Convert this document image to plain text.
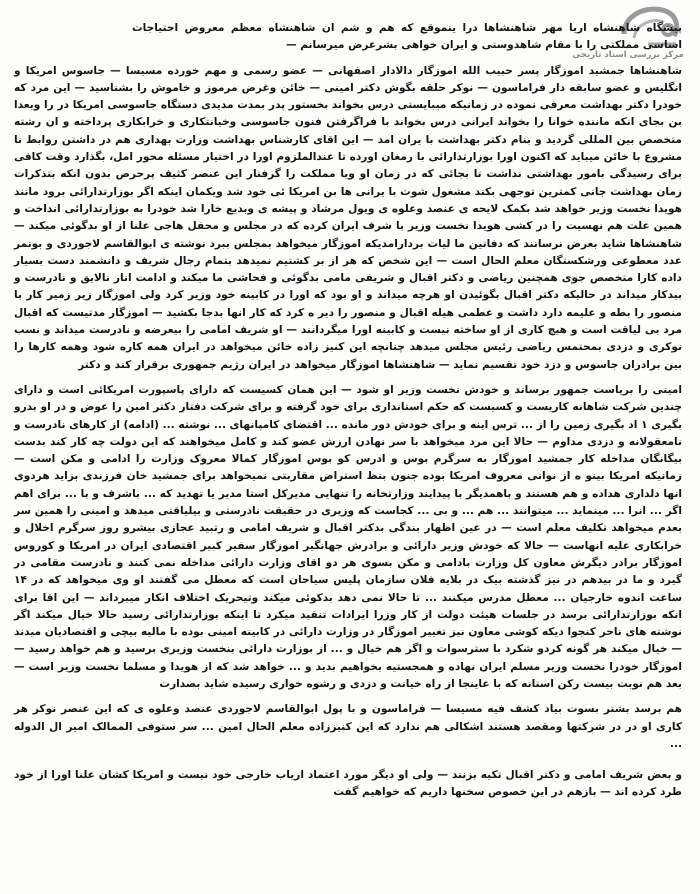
مرکز بررسی اسناد تاریخی

پیشگاه شاهنشاه اریا مهر شاهنشاها درا ینموقع که هم و شم ان شاهنشاه معظم معروض احتیاجات اساسی مملکتی را با مقام شاهدوستی و ایران خواهی بشرعرض میرسانم —

شاهنشاها جمشید اموزگار پسر حبیب الله اموزگار دالادار اصفهانی — عضو رسمی و مهم خورده مسیسا — جاسوس امریکا و انگلیس و عضو سابقه دار فراماسون — نوکر حلقه بگوش دکتر امینی — خائن وغرض مرموز و خاموش را بشناسید — این مرد که خودرا دکتر بهداشت معرفی نموده در زمانیکه میبایستی درس بخواند بخستور پدر بمدت مدیدی دستگاه جاسوسی امریکا در را وبعدا بن بجای انکه ماننده خوانا را بخواند ایرانی درس بخواند با فراگرفتن فنون جاسوسی وخیانتکاری و خرابکاری پرداخته و ان رشته متخصص بین المللی گردید و بنام دکتر بهداشت با یران امد — این اقای کارشناس بهداشت وزارت بهداری هم در داشتن روابط نا مشروع با خائن میباید که اکنون اورا بوزارتدارائی با رمغان اورده تا عندالملزوم اورا در اختیار مسئله محور امل، بگذارد وقت کافی برای رسیدگی بامور بهداشتی نداشت تا بجائی که در زمان او ویا مملکت را گرفتار این عنصر کثیف پرحرص بدون انکه بتذکرات زمان بهداشت جانی کمترین توجهی بکند مشغول شوت با یرانی ها بن امریکا ئی خود شد ویکمان اینکه اگر بوزارتدارائی برود مانند هویدا نخست وزیر خواهد شد بکمک لایحه ی عنصد وعلوه ی ویول مرشاد و پیشه ی وبدیع خارا شد خودرا به بوزارتدارائی انداخت و همین علت هم نهسیت را در کشی هویدا نخست وزیر با شرف ایران کرده که در مجلس و محفل هاجی علنا از او بدگوئی میکند — شاهنشاها شاید بعرض نرسانند که دفاتین ما لیات بردارامدیکه اموزگار میخواهد بمجلس ببرد نوشته ی ابوالقاسم لاجوردی و بونمر عدد معطوعی ورشکستگان معلم الحال است — این شخص که هر از بر کشتیم نمیدهد بتمام رجال شریف و دانشمند دست بسیار داده کارا متخصص جوی همچنین ریاضی و دکتر اقبال و شریفی مامی بدگوئی و فحاشی ما میکند و ادامت انار نالایق و نادرست و بیدکار میداند در حالیکه دکتر اقبال بگوئیدن او هرچه میداند و او بود که اورا در کابینه خود وزیر کرد ولی اموزگار زیر زمیر کار با منصور را بطه و علیمه دارد داشت و عطمی هیله اقبال و منصور را دیر ه کرد که کار انها بدجا بکشید — اموزگار مدتیست که اقبال مرد بی لیاقت است و هیچ کاری از او ساخته نیست و کابینه اورا میگردانند — او شریف امامی را بیعرضه و نادرست میداند و نسب نوکری و دزدی بمحتمس ریاضی رئیس مجلس میدهد چنانچه این کنیز زاده خائن میخواهد در ایران همه کاره شود وهمه کارها را بین برادران جاسوس و دزد خود تقسیم نماید — شاهنشاها اموزگار میخواهد در ایران رژیم جمهوری برقرار کند و دکتر

امینی را بریاست جمهور برساند و خودش نخست وزیر او شود — این همان کسیست که دارای پاسپورت امریکائی است و دارای چندین شرکت شاهانه کاریست و کسیست که حکم استانداری برای خود گرفته و برای شرکت دفتار دکتر امین را عوض و در او بدرو بگیری ۱ اد بگیری زمین را از ... ترس اینه و برای خودش دور مانده ... اقتضای کامپانهای ... نوشته ... (ادامه) از کارهای نادرست و نامعقولانه و دزدی مداوم — حالا این مرد میخواهد با سر نهادن ارزش عضو کند و کامل میخواهند که این دولت چه کار کند بدست بیگانگان مداخله کار جمشید اموزگار به سرگرم بوس و ادرس کو بوس اموزگار کمالا معروک وزارت را ادامی و مکن است — زمانیکه امریکا بینو ه از نوانی معروف امریکا بوده جنون بنظ استراض مقاربتی نمیخواهد برای جمشید خان فرزندی بزاید هردوی انها دلداری هداده و هم هستند و باهمدیگر با پیدایند وزارتخانه را تنهایی مدیرکل استا مدیر یا تهدید که ... باشرف و با ... برای اهم اگر ... انرا ... مینماید ... میتوانند ... هم ... و بی ... کجاست که وزیری در حقیقت نادرستی و بیلیاقتی میدهد و امینی را همین سر بعدم میخواهد تکلیف معلم است — در عین اظهار بندگی بدکتر اقبال و شریف امامی و رتبید عجازی بیشرو روز سرگرم اخلال و خرابکاری علیه انهاست — حالا که خودش وزیر دارائی و برادرش جهانگیر اموزگار سفیر کبیر اقتصادی ایران در امریکا و کوروس اموزگار برادر دیگرش معاون کل وزارت بادامی و مکن بسوی هر دو اقای وزارت دارائی مداخله نمی کنند و نادرست مقامی در گیرد و ما در بیدهم در نیز گذشته بیک در بلایه فلان سازمان پلیس سیاحان است که معطل می گفتند او وی میخواهد که در ۱۴ ساعت اندوه خارجیان ... معطل مدرس میکنند ... تا حالا نمی دهد بدکوئی میکند وتیحریک اختلاف انکار میبرداند — این اقا برای انکه بوزارتدارائی برسد در جلسات هیئت دولت از کار وزرا ایرادات تنقید میکرد تا اینکه بوزارتدارائی رسید حالا خیال میکند اگر نوشته های ناحر کنجوا دیکه کوشی معاون نیز تغییر اموزگار در وزارت دارائی در کابینه امینی بوده با مالیه بیچی و اقتصادیان میدند — خیال میکند هر گونه کردو شکرد با سترسوات و اگر هم خیال و ... از بوزارت دارائی بنخست وزیری برسید و هم خواهد رسید — اموزگار خودرا نخست وزیر مسلم ایران نهاده و همجستیه بخواهیم بدید و ... خواهد شد که از هویدا و مسلما نخست وزیر است — بعد هم نوبت بیست رکن استانه که با عاینجا از راه خیانت و دزدی و رشوه خواری رسیده شاید بصدارت

هم برسد بشتر بسوت بیاد کشف فیه مسیسا — فراماسون و با پول ابوالقاسم لاجوردی عنصد وعلوه ی که این عنصر نوکر هر کاری او در در شرکتها ومقصد هستند اشکالی هم ندارد که این کنیززاده معلم الحال امین ... سر ستوفی الممالک امیر ال الدوله ...

و بعض شریف امامی و دکتر اقبال تکیه بزنند — ولی او دیگر مورد اعتماد اریاب خارجی خود نیست و امریکا کشان علنا اورا از خود طرد کرده اند — بازهم در این خصوص سخنها داریم که خواهیم گفت
